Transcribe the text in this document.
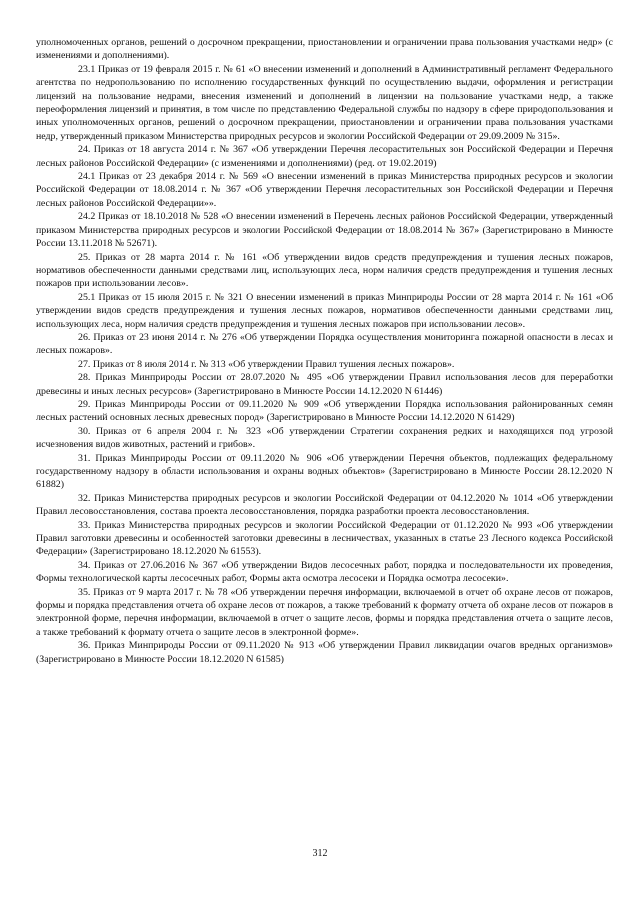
уполномоченных органов, решений о досрочном прекращении, приостановлении и ограничении права пользования участками недр» (с изменениями и дополнениями).

23.1 Приказ от 19 февраля 2015 г. № 61 «О внесении изменений и дополнений в Административный регламент Федерального агентства по недропользованию по исполнению государственных функций по осуществлению выдачи, оформления и регистрации лицензий на пользование недрами, внесения изменений и дополнений в лицензии на пользование участками недр, а также переоформления лицензий и принятия, в том числе по представлению Федеральной службы по надзору в сфере природопользования и иных уполномоченных органов, решений о досрочном прекращении, приостановлении и ограничении права пользования участками недр, утвержденный приказом Министерства природных ресурсов и экологии Российской Федерации от 29.09.2009 № 315».

24. Приказ от 18 августа 2014 г. № 367 «Об утверждении Перечня лесорастительных зон Российской Федерации и Перечня лесных районов Российской Федерации» (с изменениями и дополнениями) (ред. от 19.02.2019)

24.1 Приказ от 23 декабря 2014 г. № 569 «О внесении изменений в приказ Министерства природных ресурсов и экологии Российской Федерации от 18.08.2014 г. № 367 «Об утверждении Перечня лесорастительных зон Российской Федерации и Перечня лесных районов Российской Федерации»».

24.2 Приказ от 18.10.2018 № 528 «О внесении изменений в Перечень лесных районов Российской Федерации, утвержденный приказом Министерства природных ресурсов и экологии Российской Федерации от 18.08.2014 № 367» (Зарегистрировано в Минюсте России 13.11.2018 № 52671).

25. Приказ от 28 марта 2014 г. № 161 «Об утверждении видов средств предупреждения и тушения лесных пожаров, нормативов обеспеченности данными средствами лиц, использующих леса, норм наличия средств предупреждения и тушения лесных пожаров при использовании лесов».

25.1 Приказ от 15 июля 2015 г. № 321 О внесении изменений в приказ Минприроды России от 28 марта 2014 г. № 161 «Об утверждении видов средств предупреждения и тушения лесных пожаров, нормативов обеспеченности данными средствами лиц, использующих леса, норм наличия средств предупреждения и тушения лесных пожаров при использовании лесов».

26. Приказ от 23 июня 2014 г. № 276 «Об утверждении Порядка осуществления мониторинга пожарной опасности в лесах и лесных пожаров».

27. Приказ от 8 июля 2014 г. № 313 «Об утверждении Правил тушения лесных пожаров».

28. Приказ Минприроды России от 28.07.2020 № 495 «Об утверждении Правил использования лесов для переработки древесины и иных лесных ресурсов» (Зарегистрировано в Минюсте России 14.12.2020 N 61446)

29. Приказ Минприроды России от 09.11.2020 № 909 «Об утверждении Порядка использования районированных семян лесных растений основных лесных древесных пород» (Зарегистрировано в Минюсте России 14.12.2020 N 61429)

30. Приказ от 6 апреля 2004 г. № 323 «Об утверждении Стратегии сохранения редких и находящихся под угрозой исчезновения видов животных, растений и грибов».

31. Приказ Минприроды России от 09.11.2020 № 906 «Об утверждении Перечня объектов, подлежащих федеральному государственному надзору в области использования и охраны водных объектов» (Зарегистрировано в Минюсте России 28.12.2020 N 61882)

32. Приказ Министерства природных ресурсов и экологии Российской Федерации от 04.12.2020 № 1014 «Об утверждении Правил лесовосстановления, состава проекта лесовосстановления, порядка разработки проекта лесовосстановления.

33. Приказ Министерства природных ресурсов и экологии Российской Федерации от 01.12.2020 № 993 «Об утверждении Правил заготовки древесины и особенностей заготовки древесины в лесничествах, указанных в статье 23 Лесного кодекса Российской Федерации» (Зарегистрировано 18.12.2020 № 61553).

34. Приказ от 27.06.2016 № 367 «Об утверждении Видов лесосечных работ, порядка и последовательности их проведения, Формы технологической карты лесосечных работ, Формы акта осмотра лесосеки и Порядка осмотра лесосеки».

35. Приказ от 9 марта 2017 г. № 78 «Об утверждении перечня информации, включаемой в отчет об охране лесов от пожаров, формы и порядка представления отчета об охране лесов от пожаров, а также требований к формату отчета об охране лесов от пожаров в электронной форме, перечня информации, включаемой в отчет о защите лесов, формы и порядка представления отчета о защите лесов, а также требований к формату отчета о защите лесов в электронной форме».

36. Приказ Минприроды России от 09.11.2020 № 913 «Об утверждении Правил ликвидации очагов вредных организмов» (Зарегистрировано в Минюсте России 18.12.2020 N 61585)

312
